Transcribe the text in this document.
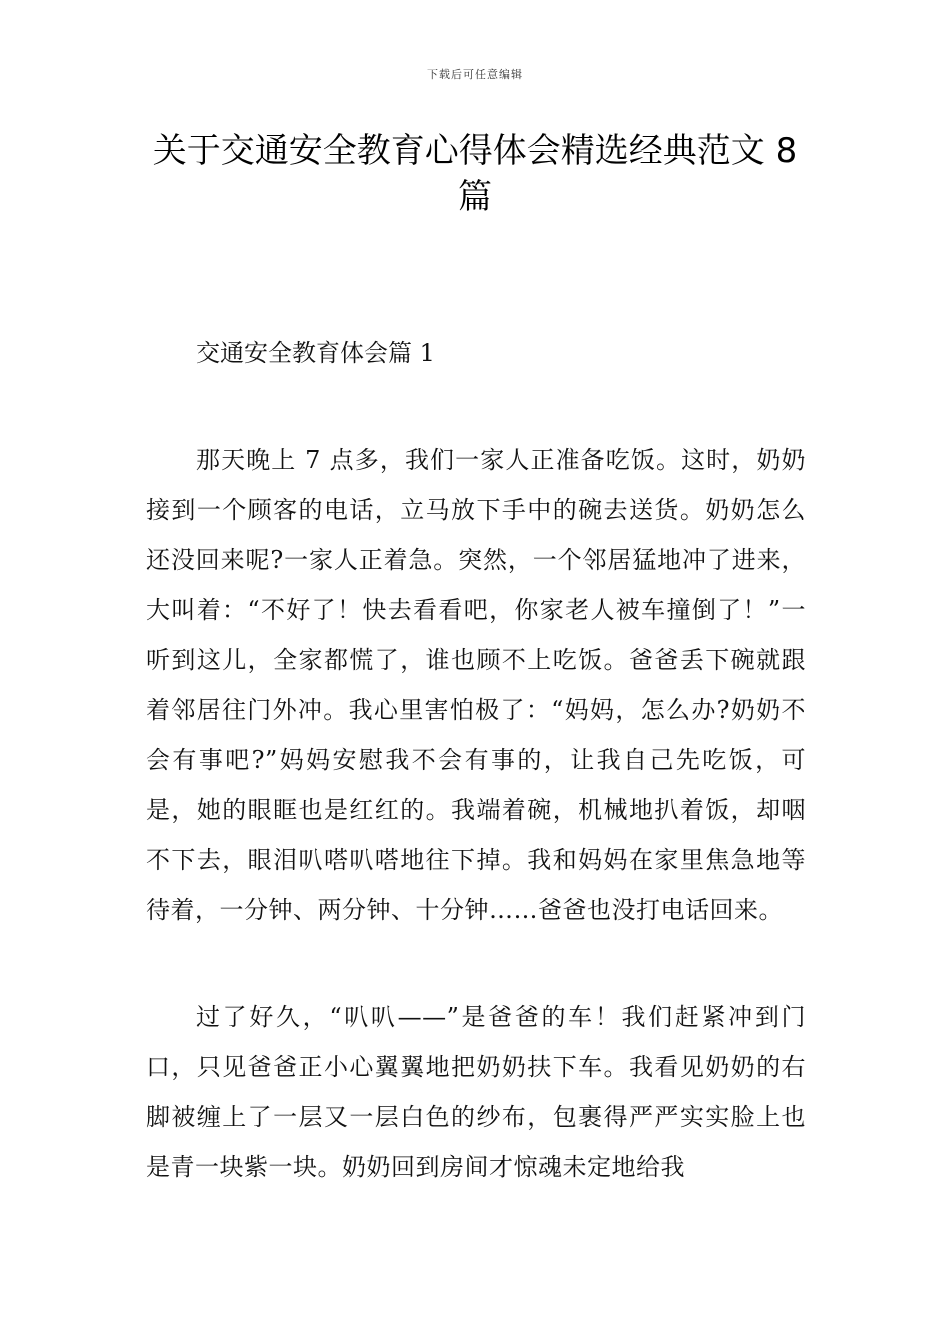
下载后可任意编辑
关于交通安全教育心得体会精选经典范文 8 篇

交通安全教育体会篇 1

那天晚上 7 点多，我们一家人正准备吃饭。这时，奶奶接到一个顾客的电话，立马放下手中的碗去送货。奶奶怎么还没回来呢?一家人正着急。突然，一个邻居猛地冲了进来，大叫着：“不好了！快去看看吧，你家老人被车撞倒了！”一听到这儿，全家都慌了，谁也顾不上吃饭。爸爸丢下碗就跟着邻居往门外冲。我心里害怕极了：“妈妈，怎么办?奶奶不会有事吧?”妈妈安慰我不会有事的，让我自己先吃饭，可是，她的眼眶也是红红的。我端着碗，机械地扒着饭，却咽不下去，眼泪叭嗒叭嗒地往下掉。我和妈妈在家里焦急地等待着，一分钟、两分钟、十分钟……爸爸也没打电话回来。

过了好久，“叭叭——”是爸爸的车！我们赶紧冲到门口，只见爸爸正小心翼翼地把奶奶扶下车。我看见奶奶的右脚被缠上了一层又一层白色的纱布，包裹得严严实实脸上也是青一块紫一块。奶奶回到房间才惊魂未定地给我
